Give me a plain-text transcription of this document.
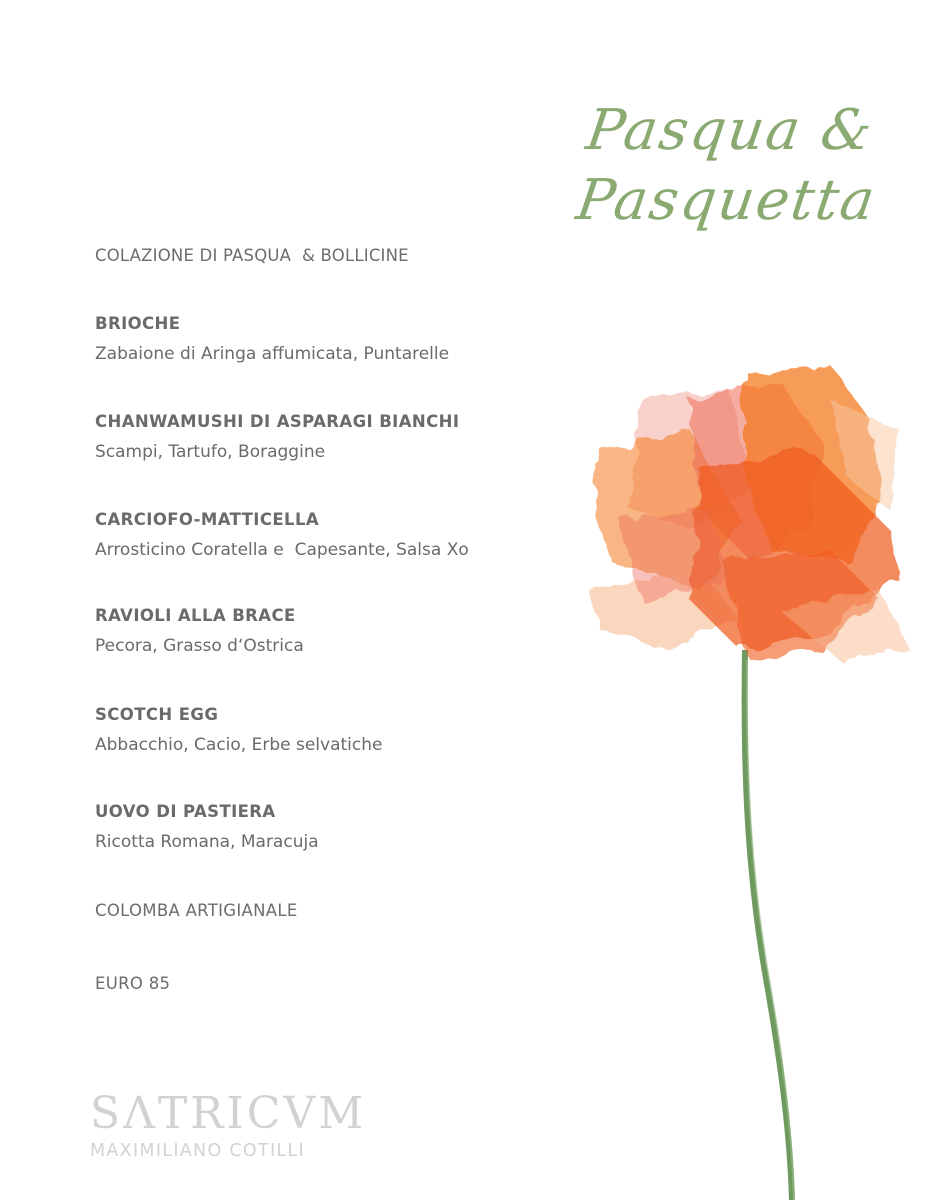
Pasqua &
Pasquetta
COLAZIONE DI PASQUA  & BOLLICINE
BRIOCHE
Zabaione di Aringa affumicata, Puntarelle
CHANWAMUSHI DI ASPARAGI BIANCHI
Scampi, Tartufo, Boraggine
CARCIOFO-MATTICELLA
Arrosticino Coratella e  Capesante, Salsa Xo
RAVIOLI ALLA BRACE
Pecora, Grasso d‘Ostrica
SCOTCH EGG
Abbacchio, Cacio, Erbe selvatiche
UOVO DI PASTIERA
Ricotta Romana, Maracuja
COLOMBA ARTIGIANALE
EURO 85
SΛTRICVM
MAXIMILIANO COTILLI
